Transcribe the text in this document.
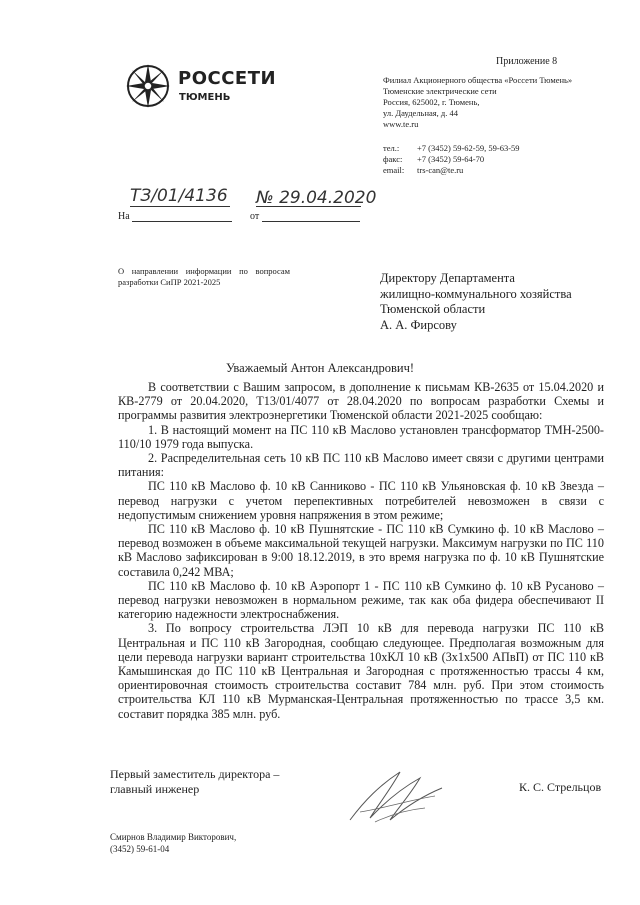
Приложение 8
РОССЕТИ
ТЮМЕНЬ
Филиал Акционерного общества «Россети Тюмень»
Тюменские электрические сети
Россия, 625002, г. Тюмень,
ул. Даудельная, д. 44
www.te.ru
тел.: +7 (3452) 59-62-59, 59-63-59
факс: +7 (3452) 59-64-70
email: trs-can@te.ru
ТЗ/01/4136 № 29.04.2020
На	от
О направлении информации по вопросам разработки СиПР 2021-2025	Директору Департамента
жилищно-коммунального хозяйства
Тюменской области
А. А. Фирсову
Уважаемый Антон Александрович!
В соответствии с Вашим запросом, в дополнение к письмам КВ-2635 от 15.04.2020 и КВ-2779 от 20.04.2020, Т13/01/4077 от 28.04.2020 по вопросам разработки Схемы и программы развития электроэнергетики Тюменской области 2021-2025 сообщаю:
1. В настоящий момент на ПС 110 кВ Маслово установлен трансформатор ТМН-2500-110/10 1979 года выпуска.
2. Распределительная сеть 10 кВ ПС 110 кВ Маслово имеет связи с другими центрами питания:
ПС 110 кВ Маслово ф. 10 кВ Санниково - ПС 110 кВ Ульяновская ф. 10 кВ Звезда – перевод нагрузки с учетом перепективных потребителей невозможен в связи с недопустимым снижением уровня напряжения в этом режиме;
ПС 110 кВ Маслово ф. 10 кВ Пушнятские - ПС 110 кВ Сумкино ф. 10 кВ Маслово – перевод возможен в объеме максимальной текущей нагрузки. Максимум нагрузки по ПС 110 кВ Маслово зафиксирован в 9:00 18.12.2019, в это время нагрузка по ф. 10 кВ Пушнятские составила 0,242 МВА;
ПС 110 кВ Маслово ф. 10 кВ Аэропорт 1 - ПС 110 кВ Сумкино ф. 10 кВ Русаново – перевод нагрузки невозможен в нормальном режиме, так как оба фидера обеспечивают II категорию надежности электроснабжения.
3. По вопросу строительства ЛЭП 10 кВ для перевода нагрузки ПС 110 кВ Центральная и ПС 110 кВ Загородная, сообщаю следующее. Предполагая возможным для цели перевода нагрузки вариант строительства 10хКЛ 10 кВ (3х1х500 АПвП) от ПС 110 кВ Камышинская до ПС 110 кВ Центральная и Загородная с протяженностью трассы 4 км, ориентировочная стоимость строительства составит 784 млн. руб. При этом стоимость строительства КЛ 110 кВ Мурманская-Центральная протяженностью по трассе 3,5 км. составит порядка 385 млн. руб.
Первый заместитель директора –
главный инженер	К. С. Стрельцов
Смирнов Владимир Викторович,
(3452) 59-61-04
